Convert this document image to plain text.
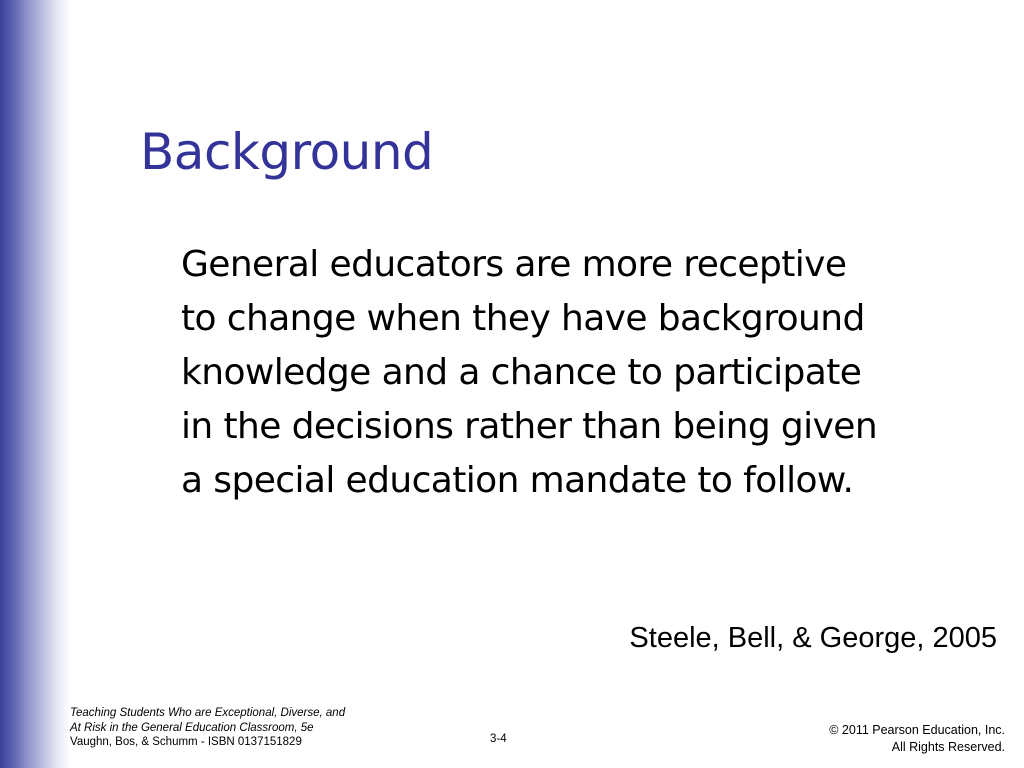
Background
General educators are more receptive
to change when they have background
knowledge and a chance to participate
in the decisions rather than being given
a special education mandate to follow.

Steele, Bell, & George, 2005

Teaching Students Who are Exceptional, Diverse, and
At Risk in the General Education Classroom, 5e
Vaughn, Bos, & Schumm - ISBN 0137151829	3-4
© 2011 Pearson Education, Inc.
All Rights Reserved.
